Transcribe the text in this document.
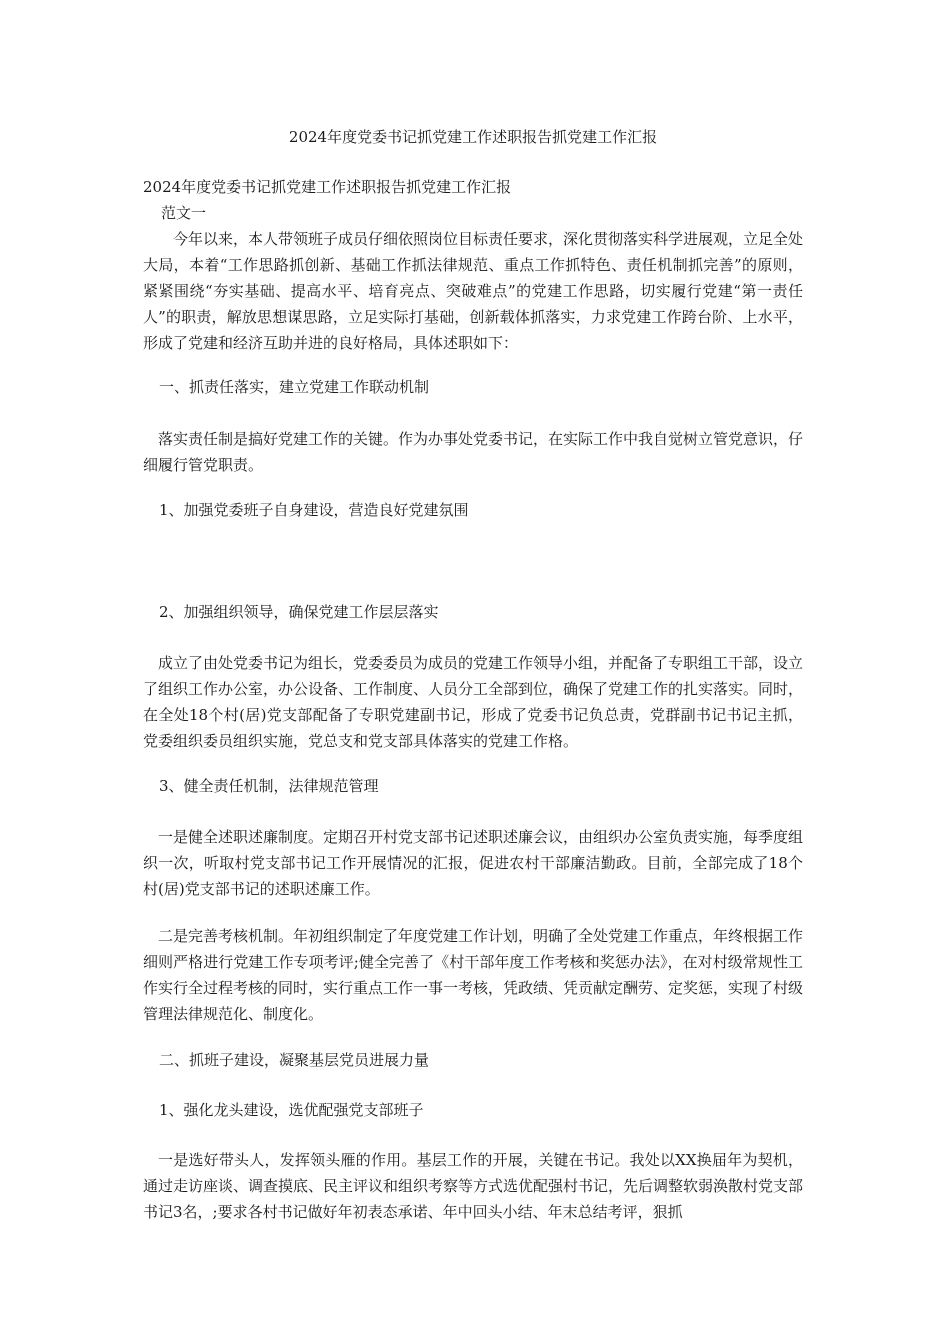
2024年度党委书记抓党建工作述职报告抓党建工作汇报
2024年度党委书记抓党建工作述职报告抓党建工作汇报
范文一

今年以来，本人带领班子成员仔细依照岗位目标责任要求，深化贯彻落实科学进展观，立足全处大局，本着“工作思路抓创新、基础工作抓法律规范、重点工作抓特色、责任机制抓完善”的原则，紧紧围绕“夯实基础、提高水平、培育亮点、突破难点”的党建工作思路，切实履行党建“第一责任人”的职责，解放思想谋思路，立足实际打基础，创新载体抓落实，力求党建工作跨台阶、上水平，形成了党建和经济互助并进的良好格局，具体述职如下：

一、抓责任落实，建立党建工作联动机制

落实责任制是搞好党建工作的关键。作为办事处党委书记，在实际工作中我自觉树立管党意识，仔细履行管党职责。

1、加强党委班子自身建设，营造良好党建氛围
2、加强组织领导，确保党建工作层层落实

成立了由处党委书记为组长，党委委员为成员的党建工作领导小组，并配备了专职组工干部，设立了组织工作办公室，办公设备、工作制度、人员分工全部到位，确保了党建工作的扎实落实。同时，在全处18个村(居)党支部配备了专职党建副书记，形成了党委书记负总责，党群副书记书记主抓，党委组织委员组织实施，党总支和党支部具体落实的党建工作格。

3、健全责任机制，法律规范管理

一是健全述职述廉制度。定期召开村党支部书记述职述廉会议，由组织办公室负责实施，每季度组织一次，听取村党支部书记工作开展情况的汇报，促进农村干部廉洁勤政。目前，全部完成了18个村(居)党支部书记的述职述廉工作。

二是完善考核机制。年初组织制定了年度党建工作计划，明确了全处党建工作重点，年终根据工作细则严格进行党建工作专项考评;健全完善了《村干部年度工作考核和奖惩办法》，在对村级常规性工作实行全过程考核的同时，实行重点工作一事一考核，凭政绩、凭贡献定酬劳、定奖惩，实现了村级管理法律规范化、制度化。

二、抓班子建设，凝聚基层党员进展力量
1、强化龙头建设，选优配强党支部班子

一是选好带头人，发挥领头雁的作用。基层工作的开展，关键在书记。我处以XX换届年为契机，通过走访座谈、调查摸底、民主评议和组织考察等方式选优配强村书记，先后调整软弱涣散村党支部书记3名，;要求各村书记做好年初表态承诺、年中回头小结、年末总结考评，狠抓
